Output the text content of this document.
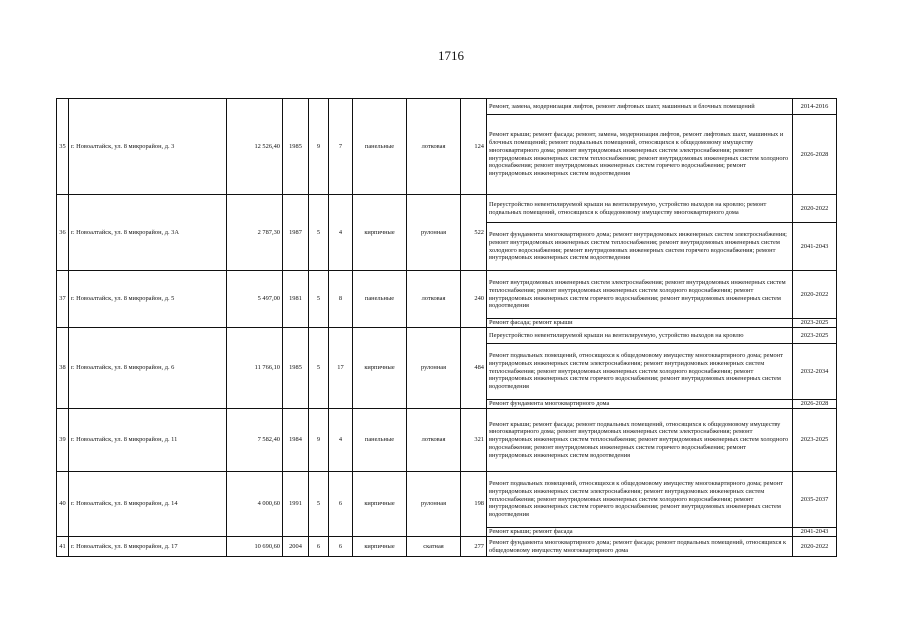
1716
35	г. Новоалтайск, ул. 8 микрорайон, д. 3	12 526,40	1985	9	7	панельные	лотковая	124	Ремонт, замена, модернизация лифтов, ремонт лифтовых шахт, машинных и блочных помещений	2014-2016
									Ремонт крыши; ремонт фасада; ремонт, замена, модернизация лифтов, ремонт лифтовых шахт, машинных и блочных помещений; ремонт подвальных помещений, относящихся к общедомовому имуществу многоквартирного дома; ремонт внутридомовых инженерных систем электроснабжения; ремонт внутридомовых инженерных систем теплоснабжения; ремонт внутридомовых инженерных систем холодного водоснабжения; ремонт внутридомовых инженерных систем горячего водоснабжения; ремонт внутридомовых инженерных систем водоотведения	2026-2028
36	г. Новоалтайск, ул. 8 микрорайон, д. 3А	2 787,30	1987	5	4	кирпичные	рулонная	522	Переустройство невентилируемой крыши на вентилируемую, устройство выходов на кровлю; ремонт подвальных помещений, относящихся к общедомовому имуществу многоквартирного дома	2020-2022
									Ремонт фундамента многоквартирного дома; ремонт внутридомовых инженерных систем электроснабжения; ремонт внутридомовых инженерных систем теплоснабжения; ремонт внутридомовых инженерных систем холодного водоснабжения; ремонт внутридомовых инженерных систем горячего водоснабжения; ремонт внутридомовых инженерных систем водоотведения	2041-2043
37	г. Новоалтайск, ул. 8 микрорайон, д. 5	5 497,00	1981	5	8	панельные	лотковая	240	Ремонт внутридомовых инженерных систем электроснабжения; ремонт внутридомовых инженерных систем теплоснабжения; ремонт внутридомовых инженерных систем холодного водоснабжения; ремонт внутридомовых инженерных систем горячего водоснабжения; ремонт внутридомовых инженерных систем водоотведения	2020-2022
									Ремонт фасада; ремонт крыши	2023-2025
38	г. Новоалтайск, ул. 8 микрорайон, д. 6	11 766,10	1985	5	17	кирпичные	рулонная	484	Переустройство невентилируемой крыши на вентилируемую, устройство выходов на кровлю	2023-2025
									Ремонт подвальных помещений, относящихся к общедомовому имуществу многоквартирного дома; ремонт внутридомовых инженерных систем электроснабжения; ремонт внутридомовых инженерных систем теплоснабжения; ремонт внутридомовых инженерных систем холодного водоснабжения; ремонт внутридомовых инженерных систем горячего водоснабжения; ремонт внутридомовых инженерных систем водоотведения	2032-2034
									Ремонт фундамента многоквартирного дома	2026-2028
39	г. Новоалтайск, ул. 8 микрорайон, д. 11	7 582,40	1984	9	4	панельные	лотковая	321	Ремонт крыши; ремонт фасада; ремонт подвальных помещений, относящихся к общедомовому имуществу многоквартирного дома; ремонт внутридомовых инженерных систем электроснабжения; ремонт внутридомовых инженерных систем теплоснабжения; ремонт внутридомовых инженерных систем холодного водоснабжения; ремонт внутридомовых инженерных систем горячего водоснабжения; ремонт внутридомовых инженерных систем водоотведения	2023-2025
40	г. Новоалтайск, ул. 8 микрорайон, д. 14	4 000,60	1991	5	6	кирпичные	рулонная	198	Ремонт подвальных помещений, относящихся к общедомовому имуществу многоквартирного дома; ремонт внутридомовых инженерных систем электроснабжения; ремонт внутридомовых инженерных систем теплоснабжения; ремонт внутридомовых инженерных систем холодного водоснабжения; ремонт внутридомовых инженерных систем горячего водоснабжения; ремонт внутридомовых инженерных систем водоотведения	2035-2037
									Ремонт крыши; ремонт фасада	2041-2043
41	г. Новоалтайск, ул. 8 микрорайон, д. 17	10 690,60	2004	6	6	кирпичные	скатная	277	Ремонт фундамента многоквартирного дома; ремонт фасада; ремонт подвальных помещений, относящихся к общедомовому имуществу многоквартирного дома	2020-2022
